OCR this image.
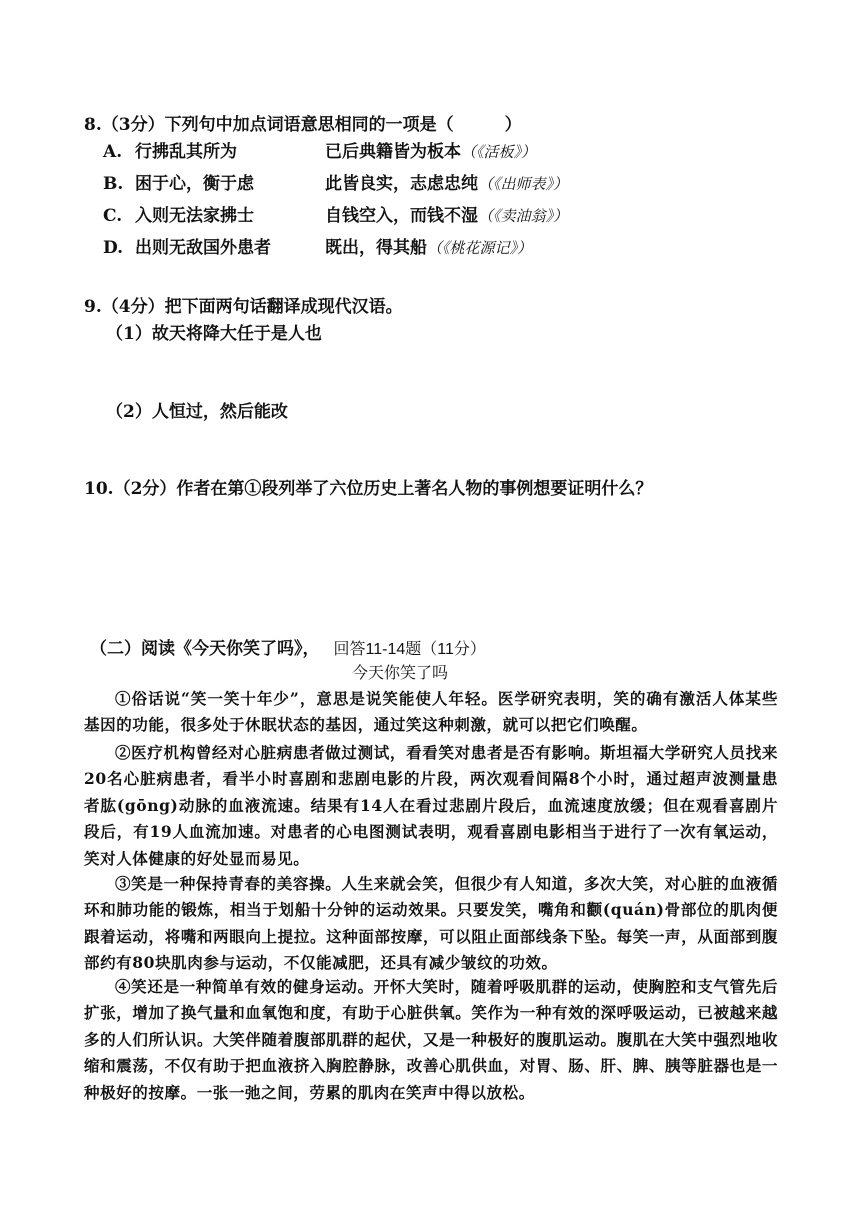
8.（3分）下列句中加点词语意思相同的一项是（　　　）
A. 行拂乱其所为	已后典籍皆为板本（《活板》）
B. 困于心，衡于虑	此皆良实，志虑忠纯（《出师表》）
C. 入则无法家拂士	自钱空入，而钱不湿（《卖油翁》）
D. 出则无敌国外患者	既出，得其船（《桃花源记》）
9.（4分）把下面两句话翻译成现代汉语。
（1）故天将降大任于是人也
（2）人恒过，然后能改
10.（2分）作者在第①段列举了六位历史上著名人物的事例想要证明什么？
（二）阅读《今天你笑了吗》， 回答11-14题（11分）
今天你笑了吗
①俗话说“笑一笑十年少”，意思是说笑能使人年轻。医学研究表明，笑的确有激活人体某些基因的功能，很多处于休眠状态的基因，通过笑这种刺激，就可以把它们唤醒。
②医疗机构曾经对心脏病患者做过测试，看看笑对患者是否有影响。斯坦福大学研究人员找来20名心脏病患者，看半小时喜剧和悲剧电影的片段，两次观看间隔8个小时，通过超声波测量患者肱(gōng)动脉的血液流速。结果有14人在看过悲剧片段后，血流速度放缓；但在观看喜剧片段后，有19人血流加速。对患者的心电图测试表明，观看喜剧电影相当于进行了一次有氧运动，笑对人体健康的好处显而易见。
③笑是一种保持青春的美容操。人生来就会笑，但很少有人知道，多次大笑，对心脏的血液循环和肺功能的锻炼，相当于划船十分钟的运动效果。只要发笑，嘴角和颧(quán)骨部位的肌肉便跟着运动，将嘴和两眼向上提拉。这种面部按摩，可以阻止面部线条下坠。每笑一声，从面部到腹部约有80块肌肉参与运动，不仅能减肥，还具有减少皱纹的功效。
④笑还是一种简单有效的健身运动。开怀大笑时，随着呼吸肌群的运动，使胸腔和支气管先后扩张，增加了换气量和血氧饱和度，有助于心脏供氧。笑作为一种有效的深呼吸运动，已被越来越多的人们所认识。大笑伴随着腹部肌群的起伏，又是一种极好的腹肌运动。腹肌在大笑中强烈地收缩和震荡，不仅有助于把血液挤入胸腔静脉，改善心肌供血，对胃、肠、肝、脾、胰等脏器也是一种极好的按摩。一张一弛之间，劳累的肌肉在笑声中得以放松。
